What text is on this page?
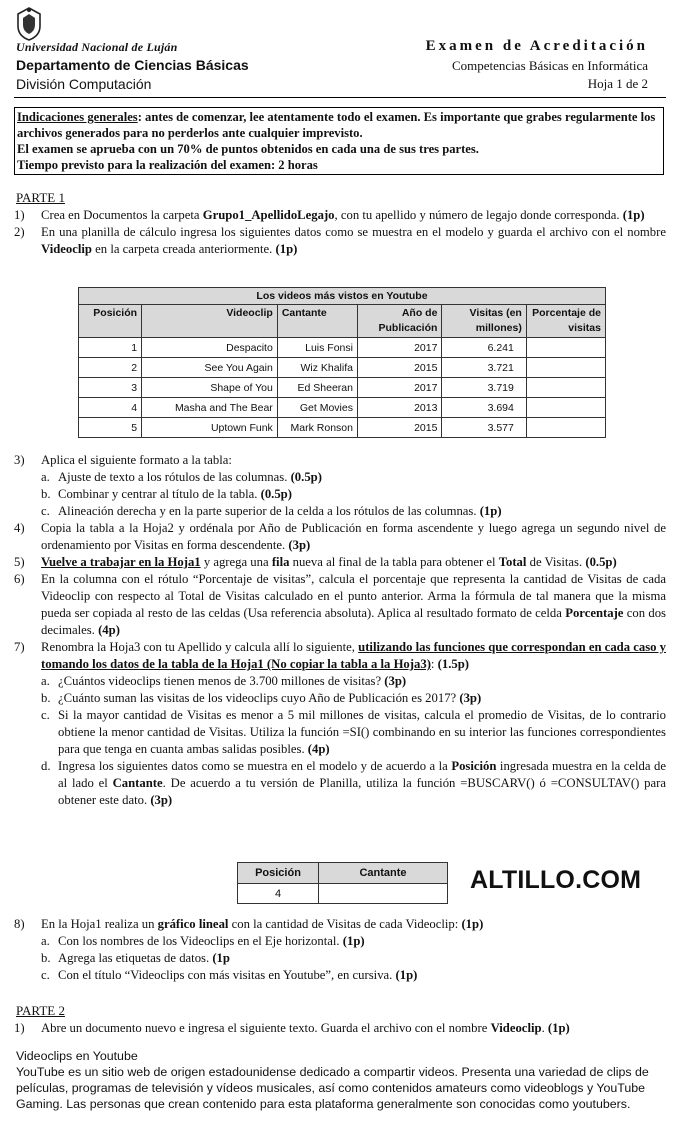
Universidad Nacional de Luján
Departamento de Ciencias Básicas
División Computación
Examen de Acreditación
Competencias Básicas en Informática
Hoja 1 de 2
Indicaciones generales: antes de comenzar, lee atentamente todo el examen. Es importante que grabes regularmente los archivos generados para no perderlos ante cualquier imprevisto.
El examen se aprueba con un 70% de puntos obtenidos en cada una de sus tres partes.
Tiempo previsto para la realización del examen: 2 horas
PARTE 1
1) Crea en Documentos la carpeta Grupo1_ApellidoLegajo, con tu apellido y número de legajo donde corresponda. (1p)
2) En una planilla de cálculo ingresa los siguientes datos como se muestra en el modelo y guarda el archivo con el nombre Videoclip en la carpeta creada anteriormente. (1p)
Los videos más vistos en Youtube					
Posición	Videoclip	Cantante	Año de Publicación	Visitas (en millones)	Porcentaje de visitas
1	Despacito	Luis Fonsi	2017	6.241	
2	See You Again	Wiz Khalifa	2015	3.721	
3	Shape of You	Ed Sheeran	2017	3.719	
4	Masha and The Bear	Get Movies	2013	3.694	
5	Uptown Funk	Mark Ronson	2015	3.577	
3) Aplica el siguiente formato a la tabla:
a. Ajuste de texto a los rótulos de las columnas. (0.5p)
b. Combinar y centrar al título de la tabla. (0.5p)
c. Alineación derecha y en la parte superior de la celda a los rótulos de las columnas. (1p)
4) Copia la tabla a la Hoja2 y ordénala por Año de Publicación en forma ascendente y luego agrega un segundo nivel de ordenamiento por Visitas en forma descendente. (3p)
5) Vuelve a trabajar en la Hoja1 y agrega una fila nueva al final de la tabla para obtener el Total de Visitas. (0.5p)
6) En la columna con el rótulo “Porcentaje de visitas”, calcula el porcentaje que representa la cantidad de Visitas de cada Videoclip con respecto al Total de Visitas calculado en el punto anterior. Arma la fórmula de tal manera que la misma pueda ser copiada al resto de las celdas (Usa referencia absoluta). Aplica al resultado formato de celda Porcentaje con dos decimales. (4p)
7) Renombra la Hoja3 con tu Apellido y calcula allí lo siguiente, utilizando las funciones que correspondan en cada caso y tomando los datos de la tabla de la Hoja1 (No copiar la tabla a la Hoja3): (1.5p)
a. ¿Cuántos videoclips tienen menos de 3.700 millones de visitas? (3p)
b. ¿Cuánto suman las visitas de los videoclips cuyo Año de Publicación es 2017? (3p)
c. Si la mayor cantidad de Visitas es menor a 5 mil millones de visitas, calcula el promedio de Visitas, de lo contrario obtiene la menor cantidad de Visitas. Utiliza la función =SI() combinando en su interior las funciones correspondientes para que tenga en cuanta ambas salidas posibles. (4p)
d. Ingresa los siguientes datos como se muestra en el modelo y de acuerdo a la Posición ingresada muestra en la celda de al lado el Cantante. De acuerdo a tu versión de Planilla, utiliza la función =BUSCARV() ó =CONSULTAV() para obtener este dato. (3p)
Posición	Cantante
4		ALTILLO.COM
8) En la Hoja1 realiza un gráfico lineal con la cantidad de Visitas de cada Videoclip: (1p)
a. Con los nombres de los Videoclips en el Eje horizontal. (1p)
b. Agrega las etiquetas de datos. (1p
c. Con el título “Videoclips con más visitas en Youtube”, en cursiva. (1p)
PARTE 2
1) Abre un documento nuevo e ingresa el siguiente texto. Guarda el archivo con el nombre Videoclip. (1p)
Videoclips en Youtube
YouTube es un sitio web de origen estadounidense dedicado a compartir videos. Presenta una variedad de clips de películas, programas de televisión y vídeos musicales, así como contenidos amateurs como videoblogs y YouTube Gaming. Las personas que crean contenido para esta plataforma generalmente son conocidas como youtubers.
